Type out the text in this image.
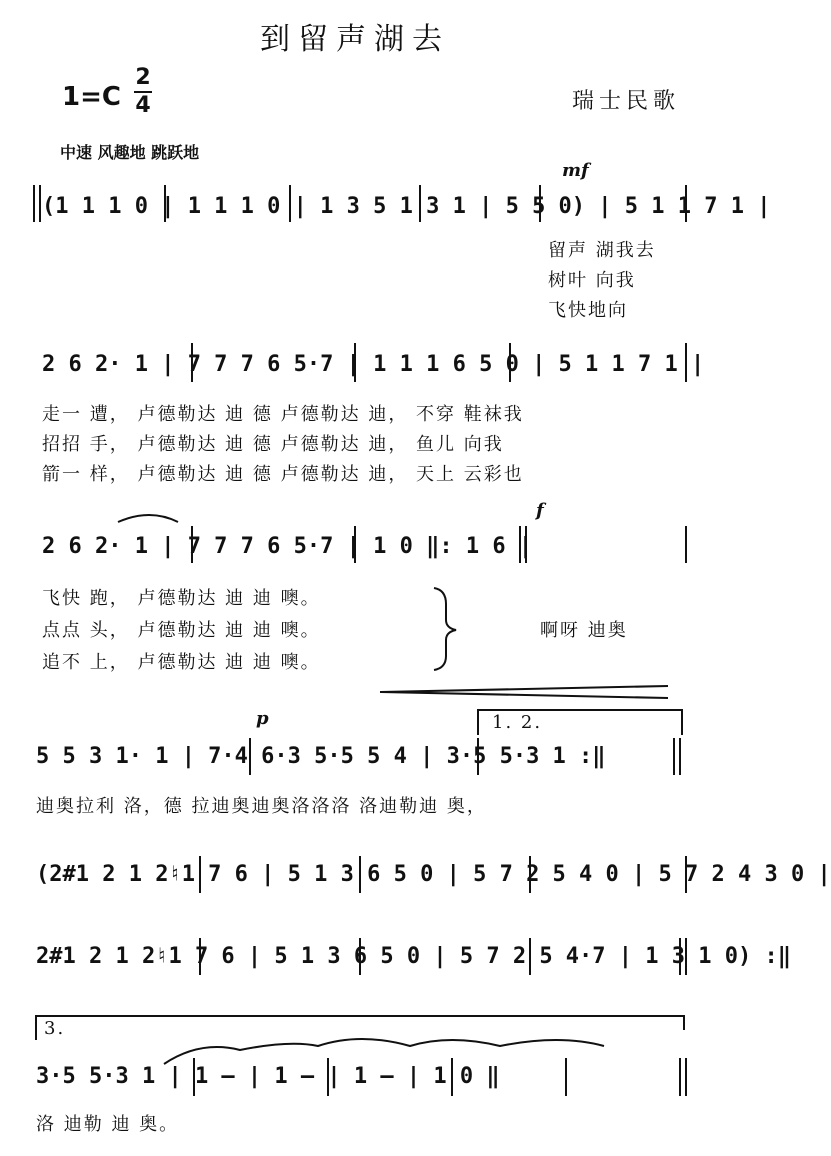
到留声湖去
1=C
2
4	瑞士民歌
中速 风趣地 跳跃地
mf
(1 1 1 0 | 1 1 1 0 | 1 3 5 1 3 1 | 5 5 0) | 5 1 1 7 1 |
留声 湖我去
树叶 向我
飞快地向
2 6 2· 1 | 7 7 7 6 5·7 | 1 1 1 6 5 0 | 5 1 1 7 1 |
走一 遭， 卢德勒达 迪 德 卢德勒达 迪， 不穿 鞋袜我
招招 手， 卢德勒达 迪 德 卢德勒达 迪， 鱼儿 向我
箭一 样， 卢德勒达 迪 德 卢德勒达 迪， 天上 云彩也
f
2 6 2· 1 | 7 7 7 6 5·7 | 1 0 ‖: 1 6 |
飞快 跑， 卢德勒达 迪 迪 噢。
点点 头， 卢德勒达 迪 迪 噢。
追不 上， 卢德勒达 迪 迪 噢。
啊呀 迪奥
p	1. 2.
5 5 3 1· 1 | 7·4 6·3 5·5 5 4 | 3·5 5·3 1 :‖
迪奥拉利 洛，德 拉迪奥迪奥洛洛洛 洛迪勒迪 奥，
(2#1 2 1 2♮1 7 6 | 5 1 3 6 5 0 | 5 7 2 5 4 0 | 5 7 2 4 3 0 |
2#1 2 1 2♮1 7 6 | 5 1 3 6 5 0 | 5 7 2 5 4·7 | 1 3 1 0) :‖
3.
3·5 5·3 1 | 1 — | 1 — | 1 — | 1 0 ‖
洛 迪勒 迪 奥。
